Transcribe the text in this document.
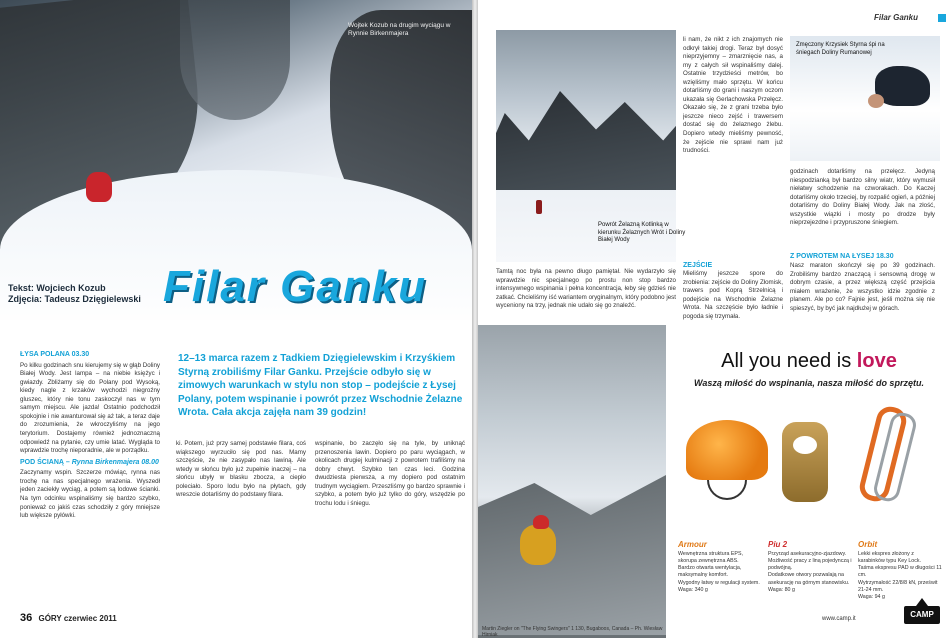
Wojtek Kozub na drugim wyciągu w Rynnie Birkenmajera
Tekst: Wojciech Kozub
Zdjęcia: Tadeusz Dzięgielewski Filar Ganku
12–13 marca razem z Tadkiem Dzięgielewskim i Krzyśkiem Styrną zrobiliśmy Filar Ganku. Przejście odbyło się w zimowych warunkach w stylu non stop – podejście z Łysej Polany, potem wspinanie i powrót przez Wschodnie Żelazne Wrota. Cała akcja zajęła nam 39 godzin!
ŁYSA POLANA 03.30

Po kilku godzinach snu kierujemy się w głąb Doliny Białej Wody. Jest lampa – na niebie księżyc i gwiazdy. Zbliżamy się do Polany pod Wysoką, kiedy nagle z krzaków wychodzi niegroźny gluszec, który nie tonu zaskoczył nas w tym samym miejscu. Ale jazda! Ostatnio podchodził spokojnie i nie awanturował się aż tak, a teraz daje do zrozumienia, że wkroczyliśmy na jego terytorium. Dostajemy również jednoznaczną odpowiedź na pytanie, czy umie latać. Wygląda to wprawdzie trochę nieporadnie, ale w porządku.

POD ŚCIANĄ – Rynna Birkenmajera 08.00

Zaczynamy wspin. Szczerze mówiąc, rynna nas trochę na nas specjalnego wrażenia. Wyszedł jeden zaciekły wyciąg, a potem są lodowe ścianki. Na tym odcinku wspinaliśmy się bardzo szybko, ponieważ co jakiś czas schodziły z góry mniejsze lub większe pyłówki.

ki. Potem, już przy samej podstawie filara, coś wiąkszego wyrzuciło się pod nas. Mamy szczęście, że nie zasypało nas lawiną. Ale wtedy w słońcu było już zupełnie inaczej – na słońcu ubyły w blasku zbocza, a ciepło poleciało. Sporo lodu było na płytach, gdy wreszcie dotarliśmy do podstawy filara.

wspinanie, bo zaczęło się na tyle, by uniknąć przenoszenia lawin. Dopiero po paru wyciągach, w okolicach drugiej kulminacji z powrotem trafiliśmy na dobry chwyt. Szybko ten czas leci. Godzina dwudziesta pierwsza, a my dopiero pod ostatnim trudnym wyciągiem. Przeszliśmy go bardzo sprawnie i szybko, a potem było już tylko do góry, wszędzie po trochu lodu i śniegu.

36 GÓRY czerwiec 2011
Filar Ganku
Powrót Żelazną Kotlinką w kierunku Żelaznych Wrót i Doliny Białej Wody

Tamtą noc była na pewno długo pamiętał. Nie wydarzyło się wprawdzie nic specjalnego po prostu non stop bardzo intensywnego wspinania i pełna koncentracja, łeby się gdzieś nie zatkać. Chcieliśmy iść wariantem oryginalnym, który podobno jest wyceniony na trzy, jednak nie udało się go znaleźć.

li nam, że nikt z ich znajomych nie odkrył takiej drogi. Teraz był dosyć nieprzyjemny – zmarznięcie nas, a my z całych sił wspinaliśmy dalej. Ostatnie trzydzieści metrów, bo wzięliśmy mało sprzętu. W końcu dotarliśmy do grani i naszym oczom ukazała się Gerlachowska Przełęcz. Okazało się, że z grani trzeba było jeszcze nieco zejść i trawersem dostać się do żelaznego żlebu. Dopiero wtedy mieliśmy pewność, że zejście nie sprawi nam już trudności.

ZEJŚCIE

Mieliśmy jeszcze spore do zrobienia: zejście do Doliny Złomisk, trawers pod Koprą Strzelnicą i podejście na Wschodnie Żelazne Wrota. Na szczęście było ładnie i pogoda się trzymała.

Zmęczony Krzysiek Styrna śpi na śniegach Doliny Rumanowej

godzinach dotarliśmy na przełęcz. Jedyną niespodzianką był bardzo silny wiatr, który wymusił niełatwy schodzenie na czworakach. Do Kaczej dotarliśmy około trzeciej, by rozpalić ogień, a później dotarliśmy do Doliny Białej Wody. Jak na złość, wszystkie wiązki i mosty po drodze były nieprzejezdne i przypruszone śniegiem.

Z POWROTEM NA ŁYSEJ 18.30

Nasz maraton skończył się po 39 godzinach. Zrobiliśmy bardzo znaczącą i sensowną drogę w dobrym czasie, a przez większą część przejścia miałem wrażenie, że wszystko idzie zgodnie z planem. Ale po co? Fajnie jest, jeśli można się nie spieszyć, by być jak najdłużej w górach.

Martin Ziegler on "The Flying Swingers" 1 130, Bugaboos, Canada – Ph. Wiesław Hirniak
All you need is love
Waszą miłość do wspinania, nasza miłość do sprzętu.
Armour
Wewnętrzna struktura EPS, skorupa zewnętrzna ABS.
Bardzo otwarta wentylacja, maksymalny komfort.
Wygodny łatwy w regulacji system.
Waga: 340 g
Piu 2
Przyrząd asekuracyjno-zjazdowy.
Możliwość pracy z liną pojedynczą i podwójną.
Dodatkowe otwory pozwalają na asekurację na górnym stanowisku.
Waga: 80 g
Orbit
Lekki ekspres złożony z karabinków typu Key Lock.
Taśma ekspresu PAD w długości 11 cm.
Wytrzymałość 22/8/8 kN, prześwit 21-24 mm.
Waga: 94 g
www.camp.it	CAMP
